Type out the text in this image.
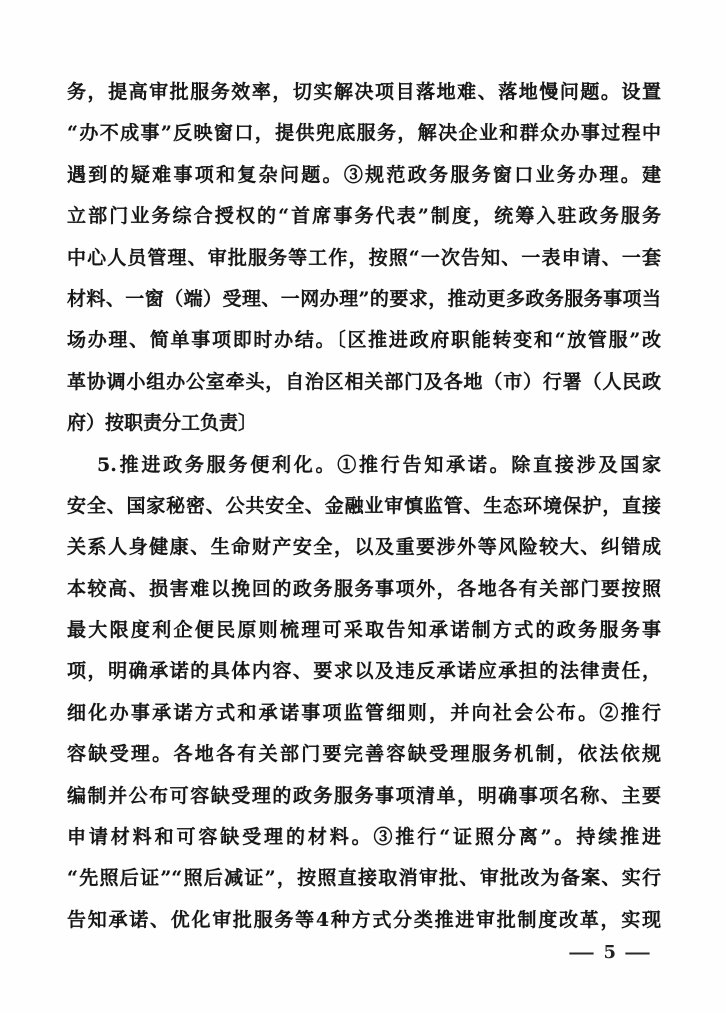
务，提高审批服务效率，切实解决项目落地难、落地慢问题。设置
“办不成事”反映窗口，提供兜底服务，解决企业和群众办事过程中
遇到的疑难事项和复杂问题。③规范政务服务窗口业务办理。建
立部门业务综合授权的“首席事务代表”制度，统筹入驻政务服务
中心人员管理、审批服务等工作，按照“一次告知、一表申请、一套
材料、一窗（端）受理、一网办理”的要求，推动更多政务服务事项当
场办理、简单事项即时办结。〔区推进政府职能转变和“放管服”改
革协调小组办公室牵头，自治区相关部门及各地（市）行署（人民政
府）按职责分工负责〕
5.推进政务服务便利化。①推行告知承诺。除直接涉及国家
安全、国家秘密、公共安全、金融业审慎监管、生态环境保护，直接
关系人身健康、生命财产安全，以及重要涉外等风险较大、纠错成
本较高、损害难以挽回的政务服务事项外，各地各有关部门要按照
最大限度利企便民原则梳理可采取告知承诺制方式的政务服务事
项，明确承诺的具体内容、要求以及违反承诺应承担的法律责任，
细化办事承诺方式和承诺事项监管细则，并向社会公布。②推行
容缺受理。各地各有关部门要完善容缺受理服务机制，依法依规
编制并公布可容缺受理的政务服务事项清单，明确事项名称、主要
申请材料和可容缺受理的材料。③推行“证照分离”。持续推进
“先照后证”“照后减证”，按照直接取消审批、审批改为备案、实行
告知承诺、优化审批服务等4种方式分类推进审批制度改革，实现
— 5 —
